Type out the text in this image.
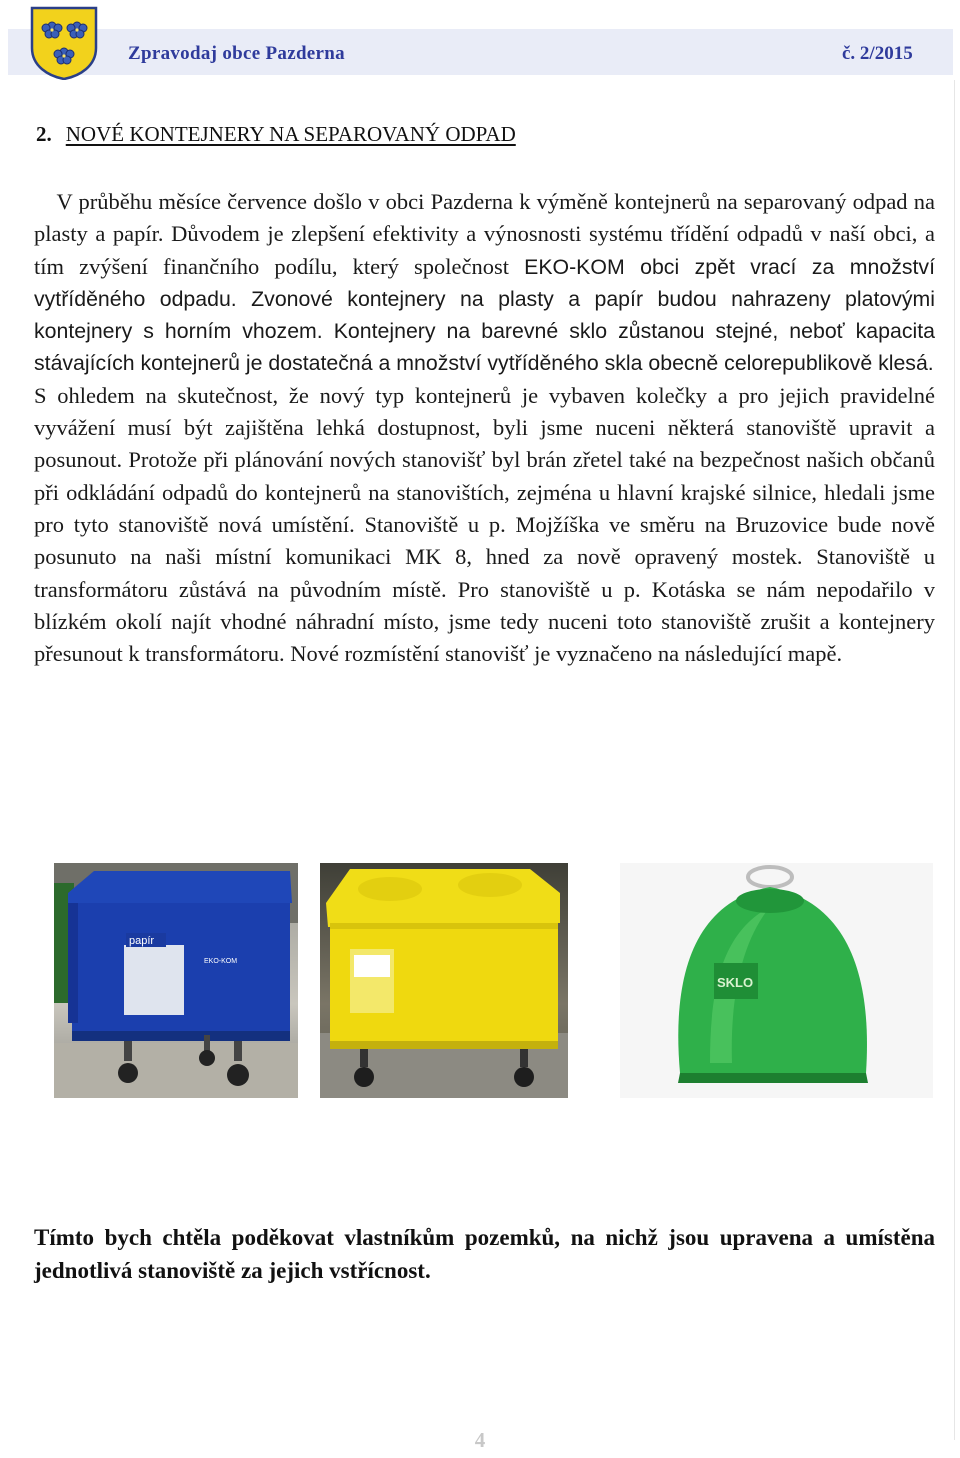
Zpravodaj obce Pazderna	č. 2/2015
2. NOVÉ KONTEJNERY NA SEPAROVANÝ ODPAD

 V průběhu měsíce července došlo v obci Pazderna k výměně kontejnerů na separovaný odpad na plasty a papír. Důvodem je zlepšení efektivity a výnosnosti systému třídění odpadů v naší obci, a tím zvýšení finančního podílu, který společnost EKO-KOM obci zpět vrací za množství vytříděného odpadu. Zvonové kontejnery na plasty a papír budou nahrazeny platovými kontejnery s horním vhozem. Kontejnery na barevné sklo zůstanou stejné, neboť kapacita stávajících kontejnerů je dostatečná a množství vytříděného skla obecně celorepublikově klesá.

S ohledem na skutečnost, že nový typ kontejnerů je vybaven kolečky a pro jejich pravidelné vyvážení musí být zajištěna lehká dostupnost, byli jsme nuceni některá stanoviště upravit a posunout. Protože při plánování nových stanovišť byl brán zřetel také na bezpečnost našich občanů při odkládání odpadů do kontejnerů na stanovištích, zejména u hlavní krajské silnice, hledali jsme pro tyto stanoviště nová umístění. Stanoviště u p. Mojžíška ve směru na Bruzovice bude nově posunuto na naši místní komunikaci MK 8, hned za nově opravený mostek. Stanoviště u transformátoru zůstává na původním místě. Pro stanoviště u p. Kotáska se nám nepodařilo v blízkém okolí najít vhodné náhradní místo, jsme tedy nuceni toto stanoviště zrušit a kontejnery přesunout k transformátoru. Nové rozmístění stanovišť je vyznačeno na následující mapě.

papír
EKO-KOM
SKLO
Tímto bych chtěla poděkovat vlastníkům pozemků, na nichž jsou upravena a umístěna jednotlivá stanoviště za jejich vstřícnost.
4
